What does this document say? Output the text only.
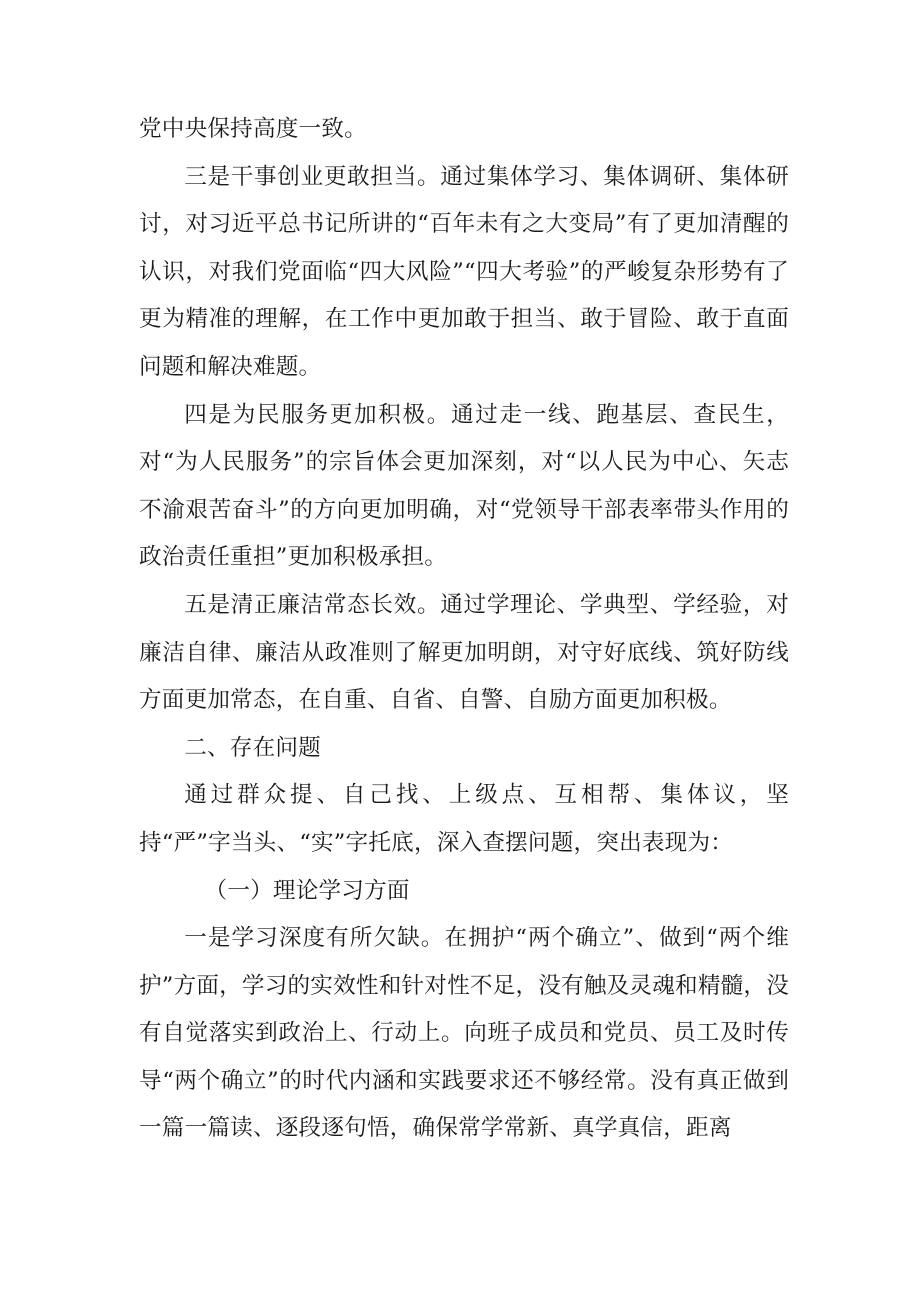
党中央保持高度一致。

三是干事创业更敢担当。通过集体学习、集体调研、集体研讨，对习近平总书记所讲的“百年未有之大变局”有了更加清醒的认识，对我们党面临“四大风险”“四大考验”的严峻复杂形势有了更为精准的理解，在工作中更加敢于担当、敢于冒险、敢于直面问题和解决难题。

四是为民服务更加积极。通过走一线、跑基层、查民生，对“为人民服务”的宗旨体会更加深刻，对“以人民为中心、矢志不渝艰苦奋斗”的方向更加明确，对“党领导干部表率带头作用的政治责任重担”更加积极承担。

五是清正廉洁常态长效。通过学理论、学典型、学经验，对廉洁自律、廉洁从政准则了解更加明朗，对守好底线、筑好防线方面更加常态，在自重、自省、自警、自励方面更加积极。

二、存在问题

通过群众提、自己找、上级点、互相帮、集体议，坚持“严”字当头、“实”字托底，深入查摆问题，突出表现为：

（一）理论学习方面

一是学习深度有所欠缺。在拥护“两个确立”、做到“两个维护”方面，学习的实效性和针对性不足，没有触及灵魂和精髓，没有自觉落实到政治上、行动上。向班子成员和党员、员工及时传导“两个确立”的时代内涵和实践要求还不够经常。没有真正做到一篇一篇读、逐段逐句悟，确保常学常新、真学真信，距离
